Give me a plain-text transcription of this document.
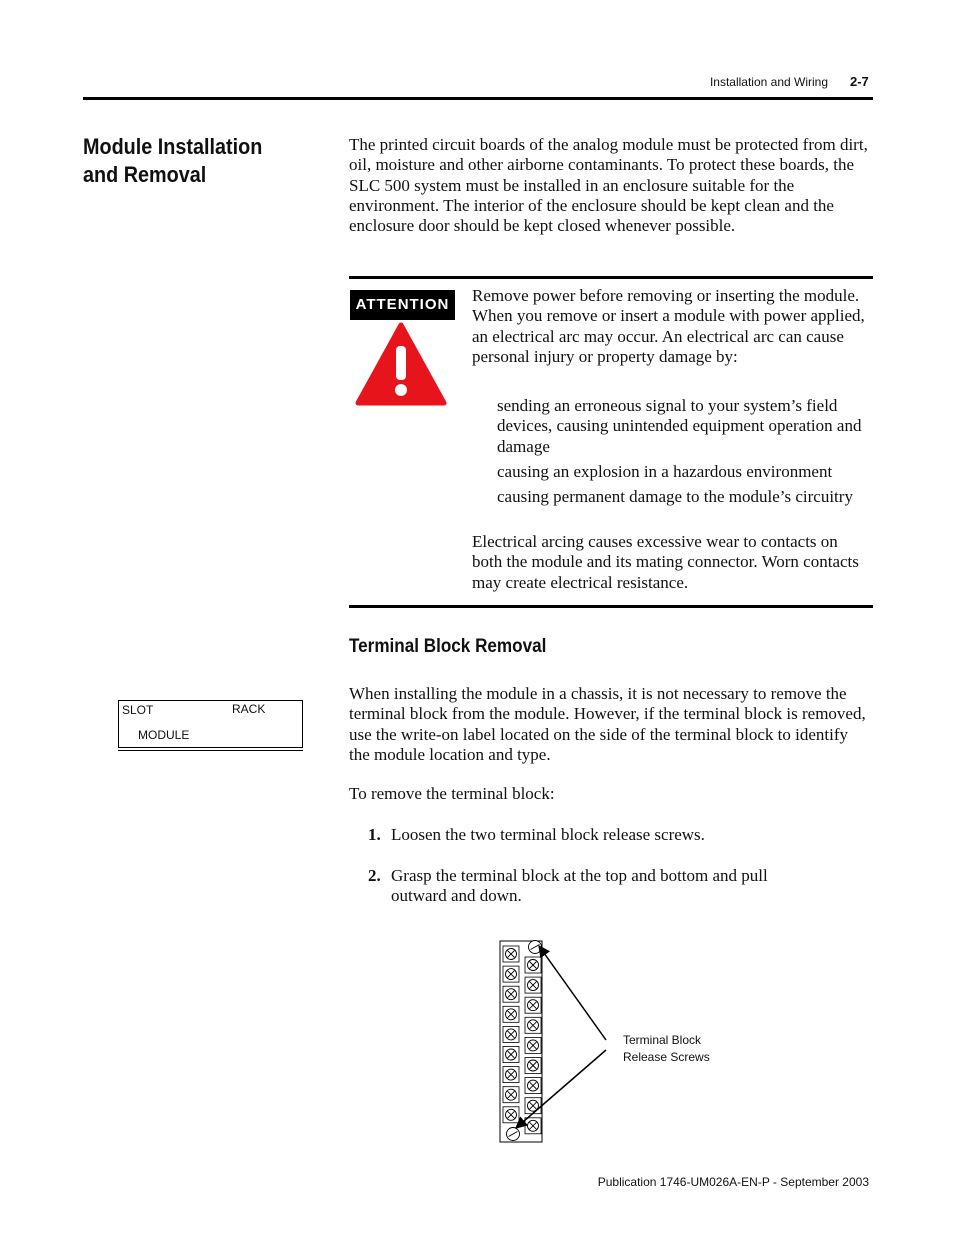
Installation and Wiring 2-7
Module Installation and Removal
The printed circuit boards of the analog module must be protected from dirt, oil, moisture and other airborne contaminants. To protect these boards, the SLC 500 system must be installed in an enclosure suitable for the environment. The interior of the enclosure should be kept clean and the enclosure door should be kept closed whenever possible.
ATTENTION	Remove power before removing or inserting the module. When you remove or insert a module with power applied, an electrical arc may occur. An electrical arc can cause personal injury or property damage by:
sending an erroneous signal to your system’s field devices, causing unintended equipment operation and damage
causing an explosion in a hazardous environment
causing permanent damage to the module’s circuitry
Electrical arcing causes excessive wear to contacts on both the module and its mating connector. Worn contacts may create electrical resistance.
Terminal Block Removal
When installing the module in a chassis, it is not necessary to remove the terminal block from the module. However, if the terminal block is removed, use the write-on label located on the side of the terminal block to identify the module location and type.
To remove the terminal block:
1. Loosen the two terminal block release screws.
2. Grasp the terminal block at the top and bottom and pull outward and down.
SLOT	RACK
MODULE
Terminal Block
Release Screws
Publication 1746-UM026A-EN-P - September 2003
